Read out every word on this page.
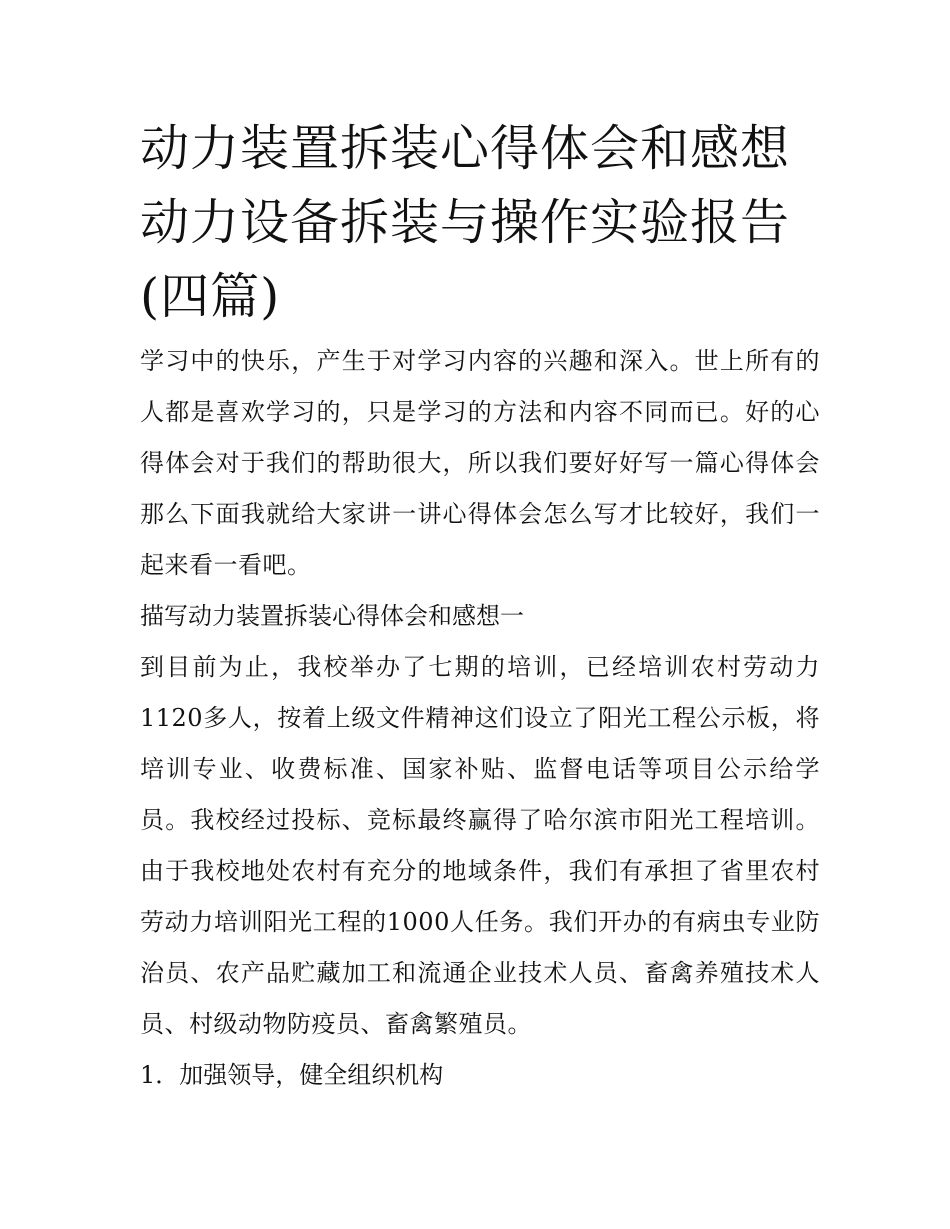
动力装置拆装心得体会和感想
动力设备拆装与操作实验报告
(四篇)

学习中的快乐，产生于对学习内容的兴趣和深入。世上所有的人都是喜欢学习的，只是学习的方法和内容不同而已。好的心得体会对于我们的帮助很大，所以我们要好好写一篇心得体会那么下面我就给大家讲一讲心得体会怎么写才比较好，我们一起来看一看吧。

描写动力装置拆装心得体会和感想一

到目前为止，我校举办了七期的培训，已经培训农村劳动力1120多人，按着上级文件精神这们设立了阳光工程公示板，将培训专业、收费标准、国家补贴、监督电话等项目公示给学员。我校经过投标、竞标最终赢得了哈尔滨市阳光工程培训。由于我校地处农村有充分的地域条件，我们有承担了省里农村劳动力培训阳光工程的1000人任务。我们开办的有病虫专业防治员、农产品贮藏加工和流通企业技术人员、畜禽养殖技术人员、村级动物防疫员、畜禽繁殖员。

1．加强领导，健全组织机构
